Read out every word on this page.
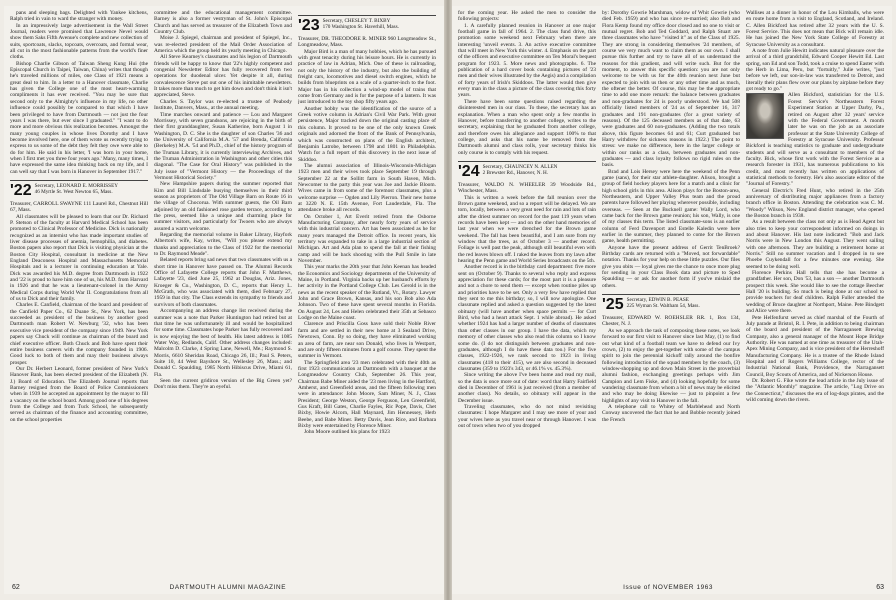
pans and sleeping bags. Delighted with Yankee kitchens, Ralph tried in vain to ward the stranger with money.

In an impressively large advertisement in the Wall Street Journal, readers were promised that Lawrence Nevel would show them Saks Fifth Avenue's complete and new collection of suits, sportcoats, slacks, topcoats, overcoats, and formal wear, all cut in the most fashionable patterns from the world's finer cloths.

Bishop Charlie Gibson of Taiwan Sheng Kung Hui (the Episcopal Church in Taipei, Taiwan, China) writes that though he's traveled millions of miles, one Class of 1921 means a great deal to him. In a letter to a Hanover classmate, Charlie has given the College one of the most heart-warming compliments it has ever received. "You may be sure that second only to the Almighty's influence in my life, no other influence could possibly be compared to that which I have been privileged to have from Dartmouth — not just the four years I was there, but ever since I graduated." "I want to do more and more obvious this realization becomes. Amongst the many young couples in whose lives Dorothy and I have become involved here, one of them wrote us recently trying to express to us some of the debt they felt they owe were able to do for him. He said in his letter, 'I was born in your home, when I first met you three four years ago.' Many, many times, I have expressed the same idea thinking back on my life, and I can well say that I was born in Hanover in September 1917."

'22 Secretary, LEONARD E. MORRISSEY
46 Myrtle St. West Newton 65, Mass.

Treasurer, CARROLL SWAYNE 111 Laurel Rd., Chestnut Hill 67, Mass.

All classmates will be pleased to learn that our Dr. Richard P. Stetson of the faculty at Harvard Medical School has been promoted to Clinical Professor of Medicine. Dick is nationally recognized as an internist who has made important studies of liver disease processes of anemia, hemophilia, and diabetes. Boston papers also report that Dick is visiting physician at the Boston City Hospital, consultant in medicine at the New England Deaconess Hospital and Massachusetts Memorial Hospitals and is a lecturer in continuing education at Yale. Dick was awarded his M.D. degree from Dartmouth in 1922 and '22 is proud to have him one of us, his M.D. from Harvard in 1926 and that he was a lieutenant-colonel in the Army Medical Corps during World War II. Congratulations from all of us to Dick and their family.

Charles E. Canfield, chairman of the board and president of the Canfield Paper Co., 62 Duane St., New York, has been succeeded as president of the business by another good Dartmouth man Robert W. Newburg '32, who has been executive vice president of the company since 1949. New York papers say Chuck will continue as chairman of the board and chief executive officer. Both Chuck and Bob have spent their entire business careers with the company founded in 1906. Good luck to both of them and may their business always prosper.

Our Dr. Herbert Leonard, former president of New York's Hanover Bank, has been elected president of the Elizabeth (N. J.) Board of Education. The Elizabeth Journal reports that Barney resigned from the Board of Police Commissioners when in 1939 he accepted an appointment by the mayor to fill a vacancy on the school board. Among good one of his degrees from the College and from Tuck School, he subsequently served as chairman of the finance and accounting committee, on the school properties

committee and the educational management committee. Barney is also a former vestryman of St. John's Episcopal Church and has served as treasurer of the Elizabeth Town and Country Club.

Moise J. Spiegel, chairman and president of Spiegel, Inc., was re-elected president of the Mail Order Association of America which the group held its yearly meeting in Chicago.

All Steve Kearney's classmates and his legion of Dartmouth friends will be happy to know that '22's highly competent and congenial Newsletter Editor has fully recovered from two operations for duodenal ulcer. Yet despite it all, during convalescence Steve put out one of his inimitable newsletters. It takes more than much to get him down and don't think it isn't appreciated, Steve.

Charles S. Taylor was re-elected a trustee of Peabody Institute, Danvers, Mass., at the annual meeting.

Time marches onward and patience — Lou and Margaret Morrissey, with seven grandsons, are rejoicing in the birth of their first granddaughter, Susan Katherine, born August 1 in Washington, D. C. She is the daughter of son Charles '36 and the University of California M.A. '57 and Brenda, California (Berkeley) M.A. '54 and Ph.D., chief of the history program of the Truman Library, it is currently interviewing Archives, and the Truman Administration in Washington and other cities this diagonal. "The Case for Oral History" was published in the July issue of "Vermont History — the Proceedings of the Vermont Historical Society."

New Hampshire papers during the summer reported that Kim and Bill Lindsdale busying themselves in their third season as proprietors of The Old Village Barn on Route 16 in the village of Chocorua. With summer guests, the Oil Barn adjoined by an old fashioned rose garden terrace, according to the press, seemed like a unique and charming place for summer visitors, and particularly for Twoers who are always assured a warm welcome.

Regarding the memorial volume in Baker Library, Hayfork Alberton's wife, Kay, writes, "Will you please extend my thanks and appreciation to the Class of 1922 for the memorial to Dr. Raymond Meade".

Belated reports bring sad news that two classmates with us a short time in Hanover have passed on. The Alumni Records Office of Lafayette College reports that John F. Matthews, Lafayette '23, died June 25, 1962 at Douglas, Ariz. Jones, Kroeger & Co., Washington, D. C., reports that Henry L. McGrath, who was associated with them, died February 27, 1959 in that city. The Class extends its sympathy to friends and survivors of both classmates.

Accompanying an address change list received during the summer was a note that Parker Huntington had retired but at that time he was unfortunately ill and would be hospitalized for some time. Classmates hope Parker has fully recovered and is now enjoying the best of health. His latest address is 1085 Water Way, Redlands, Calif. Other address changes included: Malcolm D. Clarke, 4 Spring Lane, Newell, Me.; Raymond S. Morris, 6610 Sheridan Road, Chicago 26, Ill.; Paul S. Peters, Suite 10, 44 West Bayshore St., Wellesley 26, Mass.; and Donald C. Spaulding, 1985 North Hibiscus Drive, Miami 61, Fla.

Seen the current gridiron version of the Big Green yet? Don't miss them. They're an eyeful.

'23 Secretary, CHESLEY T. BIXBY
170 Washington St. Haverhill, Mass.

Treasurer, DR. THEODORE R. MINER 960 Longmeadow St., Longmeadow, Mass.

Major Bird is a man of many hobbies, which he has pursued with great tenacity during his leisure hours. He is currently in practice of law in Adrian, Mich. One of these is railroading, not only the history of the industry, but also the building of freight cars, locomotives and diesel switch engines, which he builds from blueprints on a scale of a quarter-inch to the foot. Major has in his collection a wind-up model of trains that come from Germany and is for the purpose of a lantern. It was just introduced to the toy shop fifty years ago.

Another hobby was the identification of the source of a Greek votive column in Adrian's Civil War Park. With great persistence, Major tracked down the original casting place of this column. It proved to be one of the only known Greek originals and adorned the front of the Bank of Pennsylvania, which was constructed on plans of the English architect, Benjamin Latrobe, between 1798 and 1801 in Philadelphia. Watch for a full report of this discovery in the next issue of Skiddoo.

The alumni association of Illinois-Wisconsin-Michigan 1923 men and their wives took place September 19 through September 22 at the Sollitt farm in South Haven, Mich. Newcomer to the party this year was Joe and Jackie Bloom. Wives came in from some of the foremost classmates, plus a welcome surprise — Ogden and Lily Pierron. Their new home at 3220 N. E. 15th Avenue, Fort Lauderdale, Fla. The attendance broke all records.

On October 1, Art Everit retired from the Osborne Manufacturing Company, after nearly forty years of service with this industrial concern. Art has been associated as he for many years managed the Detroit office. In recent years, his territory was expanded to take in a large industrial section of Michigan. Art and Ada plan to spend the fall at their fishing camp and will be back shooting with the Pull Smile in late November.

This year marks the 20th year that John Keenan has headed the Economics and Sociology departments of the University of Maine, in Portland. Virginia backs up her husband's efforts by her activity in the Portland College Club. Les Gerold is in the news as the recent speaker of the Rutland, Vt., Rotary. Lawyer John and Grace Brown, Kansas, and his son Bob also Ada Johnson. Two of these have spent several months in Florida. On August 24, Les and Helen celebrated their 35th at Sebasco Lodge on the Maine coast.

Clarence and Priscilla Goss have sold their Noble River farm and are settled in their new home at 3 Sealand Drive, Newtown, Conn. By so doing, they have eliminated working an area of farm, are near son Donald, who lives in Westport, and are only fifteen minutes from a golf course. They spent the summer in Vermont.

The Springfield area '23 men celebrated with their 40th as first 1923 communication at Dartmouth with a banquet at the Longmeadow Country Club, September 26. This year, Chairman Babe Miner aided the '23 men living in the Hartford, Amherst, and Greenfield areas, and the fifteen following men were in attendance: John Moore, Sam Miner, N. J., Class President; George Weston, George Ferguson, Len Greenfield, Gus Kraft, Bill Gates, Charlie Fayles, Ric Pope, Davis, Chet Bixby, Howie Alcorn, Hall Maynard, Jim Hennessey, Herb Beebe, and Babe Miner. Betty Davis, Jean Rice, and Barbara Bixby were entertained by Florence Miner.

John Moore outlined his plans for 1923

62	DARTMOUTH ALUMNI MAGAZINE

for the coming year. He asked the men to consider the following projects:

1. A carefully planned reunion in Hanover at one major football game in fall of 1964. 2. The class fund drive, this promotion some weekend next February when there are interesting 'unveil events. 3. An active executive committee that will meet in New York this winter. 4. Emphasis on the part of the officers and executive committee on Ten Moral's bequest program for 1923. 5. More news and photographs. 6. The publication of a hard cover book containing pictures of '23 men and their wives illustrated by the Aegis) and a compilation of forty years of Irish's Skiddoos. The latter would then give every man in the class a picture of the class covering this forty years.

There have been some questions raised regarding the disinterested men in our class. To these, the secretary has an explanation. When a man who spent only a few months in Hanover, before transferring to another college, writes to the secretary, explaining that he graduated from another college, and therefore owes his allegiance and support 100% to that college, and asks that his name be removed from the Dartmouth alumni and class rolls, your secretary thinks his only course is to comply with his request.

'24 Secretary, CHAUNCEY N. ALLEN
2 Brewster Rd., Hanover, N. H.

Treasurer, WALDO N. WHEELER 39 Woodside Rd., Winchester, Mass.

This is written a week before the fall reunion over the Brown game weekend, and so a report will be delayed. We are torn, locally, between a very great need for rain and lots of rain after the driest summer on record for the past 119 years when records have been kept — and on the other hand memories of last year when we were drenched for the Brown game weekend. The fall has been beautiful, and I am sure from my window that the trees, as of October 3 — another record. Foliage is well past the peak, although still beautiful even with the red leaves blown off. I raked the leaves from my lawn after hearing the Penn game and World Series broadcasts on the 5th.

Another record is in the birthday card department: five more sent on (October 9). Thanks to several who reply and express appreciation for these cards; for the most part it is a pleasure and not a chore to send them — except when routine piles up and priorities have to be set. Only a very few have replied that they sent to me this birthday; so, I will now apologize. One classmate replied and asked a question suggested by the latest obituary (will have another when space permits — for Curt Bird, who had a heart attack Sept. 1 while abroad). He asked whether 1924 has had a larger number of deaths of classmates than other classes in our group. I have the data, which my memory of other classes who also read this column so I know some do. (I do not distinguish between graduates and non-graduates, although I do have these data too.) For the five classes, 1922-1926, we rank second to 1923 in living classmates (418 to their 415), we are also second in deceased classmates (359 to 1923's 343, or 46.1% vs. 45.3%).

Since writing the above I've been home and read my mail, so the data is once more out of date: word that Harry Fairfield died in December of 1961 is just received (from a member of another class). No details, so obituary will appear in the December issue.

Traveling classmates, who do not mind revisiting classmates: I hope Margaret and I may see more of your and your wives here as you travel near or through Hanover. I was out of town when two of you dropped

by: Dorothy Gowrie Marshman, widow of Whit Gowrie (who died Feb. 1959) and who has since re-married; also Bob and Flora Kemp found my office door closed and no one to visit or mutual regret. Bob and Ted Goddard, and Ralph Stuart are three classmates who have "visited it" as of the Class of 1925. They are strong in considering themselves '24 members, of course we very much want to claim them as our own. I shall pursue this further and try to have all of us understand the reasons for this gradient, and will write such. But for the moment, to answer this specific question: you are not only welcome to be with us for the 40th reunion next June but expected to join with us then or any other time and as much, the oftener the better. Of course, this may be the appropriate time to add one more remark: the balance between graduates and non-graduates for 24 is poorly understood. We had 508 officially listed members of '24 as of September 16, 317 graduates and 191 non-graduates (for a great variety of reasons). Of the 125 deceased members as of that date, 63 were graduates and 60 non-graduates. (Adding the two totals above, this figure becomes 64 and 61; Curt graduated but Harry withdrew for sickness reasons in 1922.) The point to stress: we make no difference, here in the larger college or within our ranks as a class, between graduates and non-graduates — and class loyalty follows no rigid rules on the basis.

Brad and Lois Hersey were here the weekend of the Penn game (sans), for their star athlete-daughter. Alison, brought a group of field hockey players here for a match and a clinic for high school girls in this area. Alison plays for the Boston-area, Northeastern, and Upper Valley Plus team and the proud parents have followed her playing wherever possible, including overseas. — Seen at the Bucknell game: Wally Lord, who came back for the Brown game reunion; his son, Wally, is one of my classes this term. The listed classmate-sons is an earlier column of Ferd Davenport and Estelle Kaledin were here earlier in the summer, they planned to come for the Brown game, health permitting.

Anyone have the present address of Gerrit TenBroek? Birthday cards are returned with a "Moved, not forwardable" notation. Thanks for your help on these little puzzles. Our files give you obits — loyal gives me the chance to once more plug for sending in your Class Book data and picture to Sped Spaulding — or ask for another form if you've mislaid the others.

'25 Secretary, EDWIN B. PEASE
225 Wyman St. Waltham 54, Mass.

Treasurer, EDWARD W. ROEHSLER RR. 1, Box 134, Chester, N. J.

As we approach the task of composing these notes, we look forward to our first visit to Hanover since last May, (1) to find out what kind of a football team we have to defend our Ivy crown, (2) to enjoy the get-together with some of the campus spirit to join the perennial kickoff rally around the bonfire following introduction of the squad members by the coach, (3) window-shopping up and down Main Street in the proverbial alumni fashion, exchanging greetings perhaps with Jim Campion and Lem Fiske, and (4) looking hopefully for some wandering classmate from whom a bit of news may be elicited and who may be doing likewise — just to pinpoint a few highlights of any visit to Hanover in the fall.

A telephone call to Whitey of Marblehead and North Conway uncovered the fact that he and Bobbie recently joined the French

Wallises at a dinner in honor of the Lou Kimballs, who were en route home from a visit to England, Scotland, and Ireland. C. Allen Bickford has retired after 32 years with the U. S. Forest Service. This does not mean that Bick will remain idle. He has joined the New York State College of Forestry at Syracuse University as a consultant.

A note from Julie Hewitt indicates natural pleasure over the arrival of a third grandchild, Edward Cooper Hewitt Ed. Last spring, son Ed and son Todd, took a cruise to spend Easter with the Herb in Lima, Peru, but "fortuitly," Julie writes, "just before we left, our son-in-law was transferred to Detroit, and literally their plans flew over our plans by airplane before they got ready to go."

Allen Bickford, statistician for the U.S. Forest Service's Northeastern Forest Experiment Station at Upper Darby, Pa., retired on August after 32 years' service with the Federal Government. A month later he was on the job as an associate professor at the State University College of Forestry at Syracuse University. Professor Bickford is teaching statistics to graduate and undergraduate students and will serve as a consultant to members of the faculty. Bick, whose first work with the Forest Service as a research forester in 1931, has numerous publications to his credit, and most recently has written on applications of statistical methods to forestry. He's also associate editor of the "Journal of Forestry."

General Electric's Fred Hunt, who retired in the 25th anniversary of distributing major appliances from a factory branch office in Boston. Attending the celebration was C. M. "Woody" Wilson, New England district manager, who opened the Boston branch in 1938.

As a result between the class not only as is Head Agent but also tries to keep your correspondent informed on doings in and about Hanover. His last note indicated: "Bob and Jack Norris were in New London this August. They went sailing with one afternoon. They are building a retirement home at Norris." Still no summer vacation and I dropped in to see Phoebe Cuykendall for a few minutes one evening. She seemed to be doing well.

Florence Perkins Hall tells that she has become a grandfather. Her son, Don '53, has a son — another Dartmouth prospect this week. She would like to see the cottage Beecher Hall '20 is building. So much is being done at our school to provide teachers for deaf children. Ralph Fuller attended the wedding of Bruce daughter at Northport, Maine. Pete Bindgett and Alice were there.

Pete Helfenfurst served as chief marshal of the Fourth of July parade at Bristol, R. I. Pete, in addition to being chairman of the board and president of the Narragansett Brewing Company, also a general manager of the Mount Hope Bridge Authority. He was named at one time as treasurer of the Utah-Apex Mining Company, and is vice president of the Herreshoff Manufacturing Company. He is a trustee of the Rhode Island Hospital and of Rogers Williams College, rector of the Industrial National Bank, Providence, the Narragansett Council, Boy Scouts of America, and of Nickerson House.

Dr. Robert G. Fike wrote the lead article in the July issue of the "Atlantic Monthly" magazine. The article, "Log Drive on the Connecticut," discusses the era of log-dogs pirates, and the wild coming down the rivers.

Issue of NOVEMBER 1963	63
